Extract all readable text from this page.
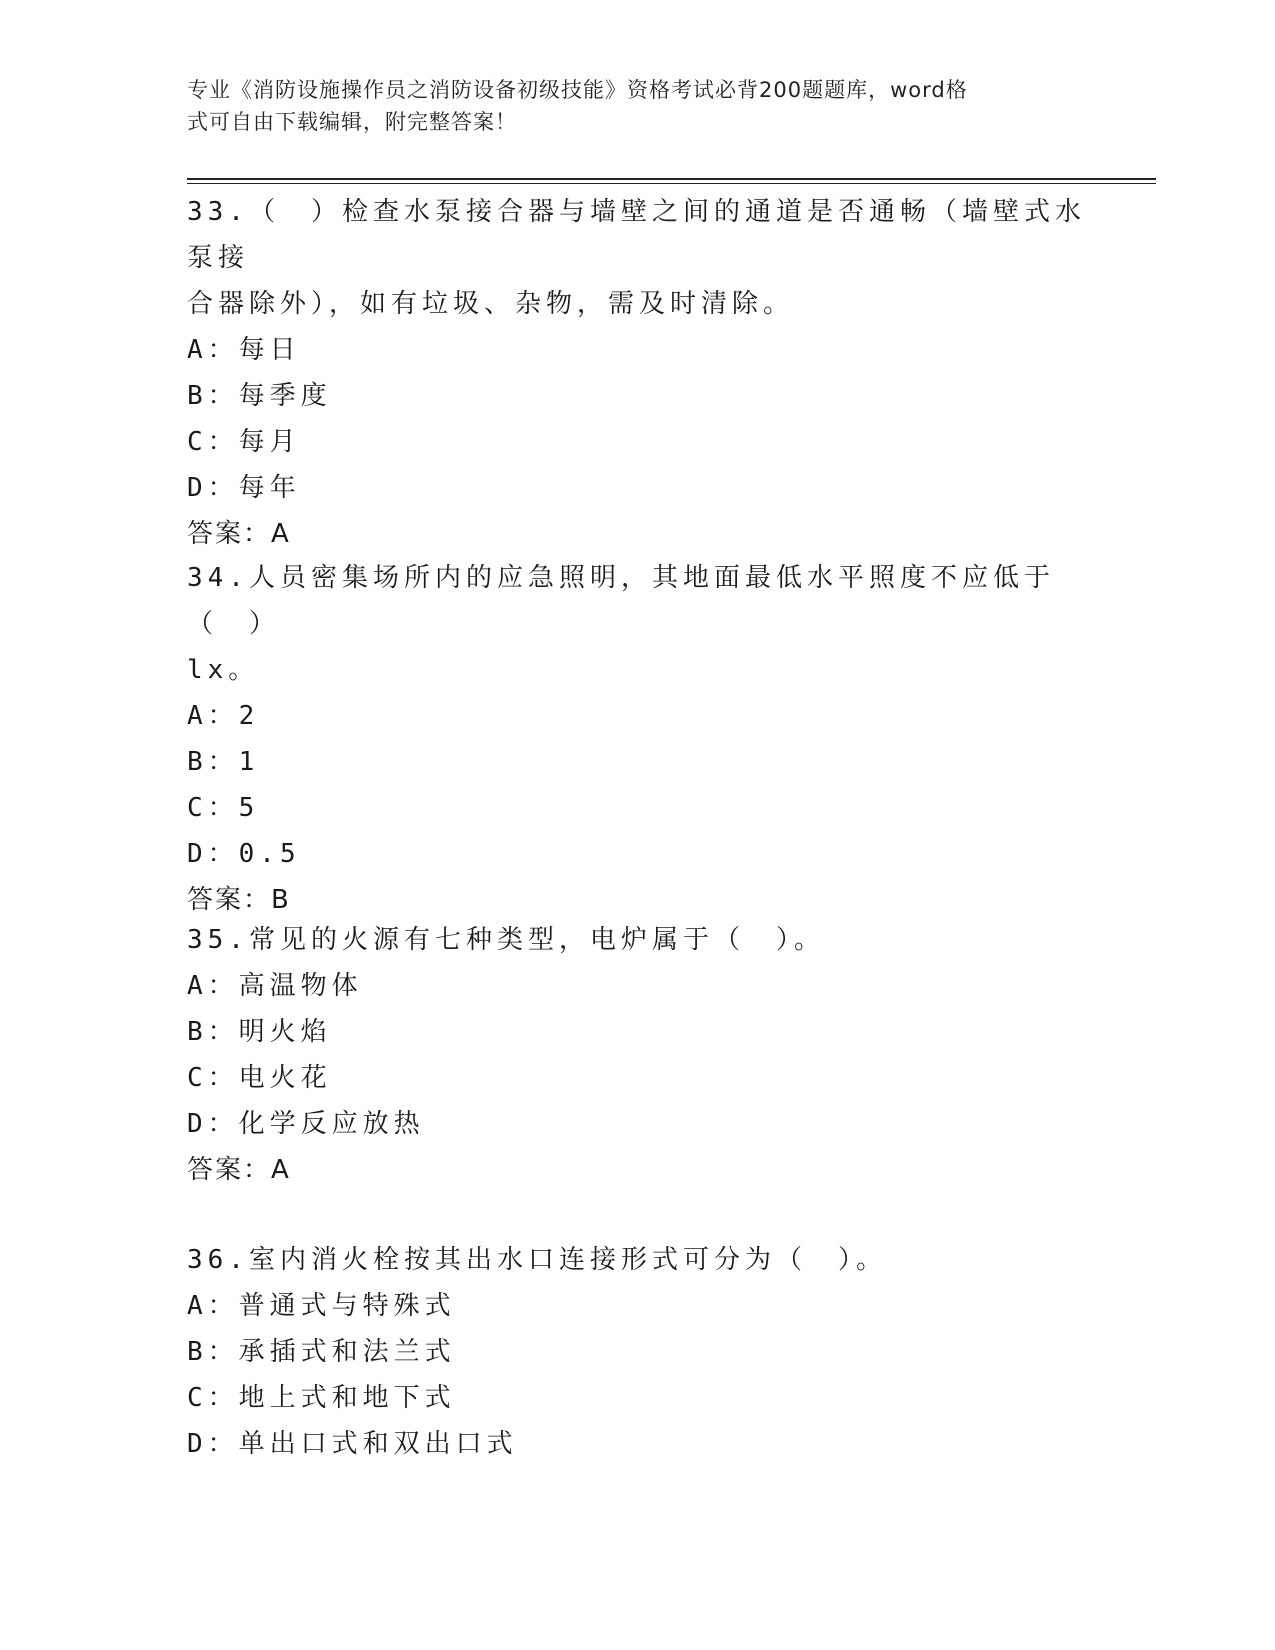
专业《消防设施操作员之消防设备初级技能》资格考试必背200题题库，word格
式可自由下载编辑，附完整答案！

33.（　）检查水泵接合器与墙壁之间的通道是否通畅（墙壁式水泵接

合器除外），如有垃圾、杂物，需及时清除。

A：每日

B：每季度

C：每月

D：每年

答案：A

34.人员密集场所内的应急照明，其地面最低水平照度不应低于（　）

lx。

A：2

B：1

C：5

D：0.5

答案：B

35.常见的火源有七种类型，电炉属于（　）。

A：高温物体

B：明火焰

C：电火花

D：化学反应放热

答案：A

36.室内消火栓按其出水口连接形式可分为（　）。

A：普通式与特殊式

B：承插式和法兰式

C：地上式和地下式

D：单出口式和双出口式
